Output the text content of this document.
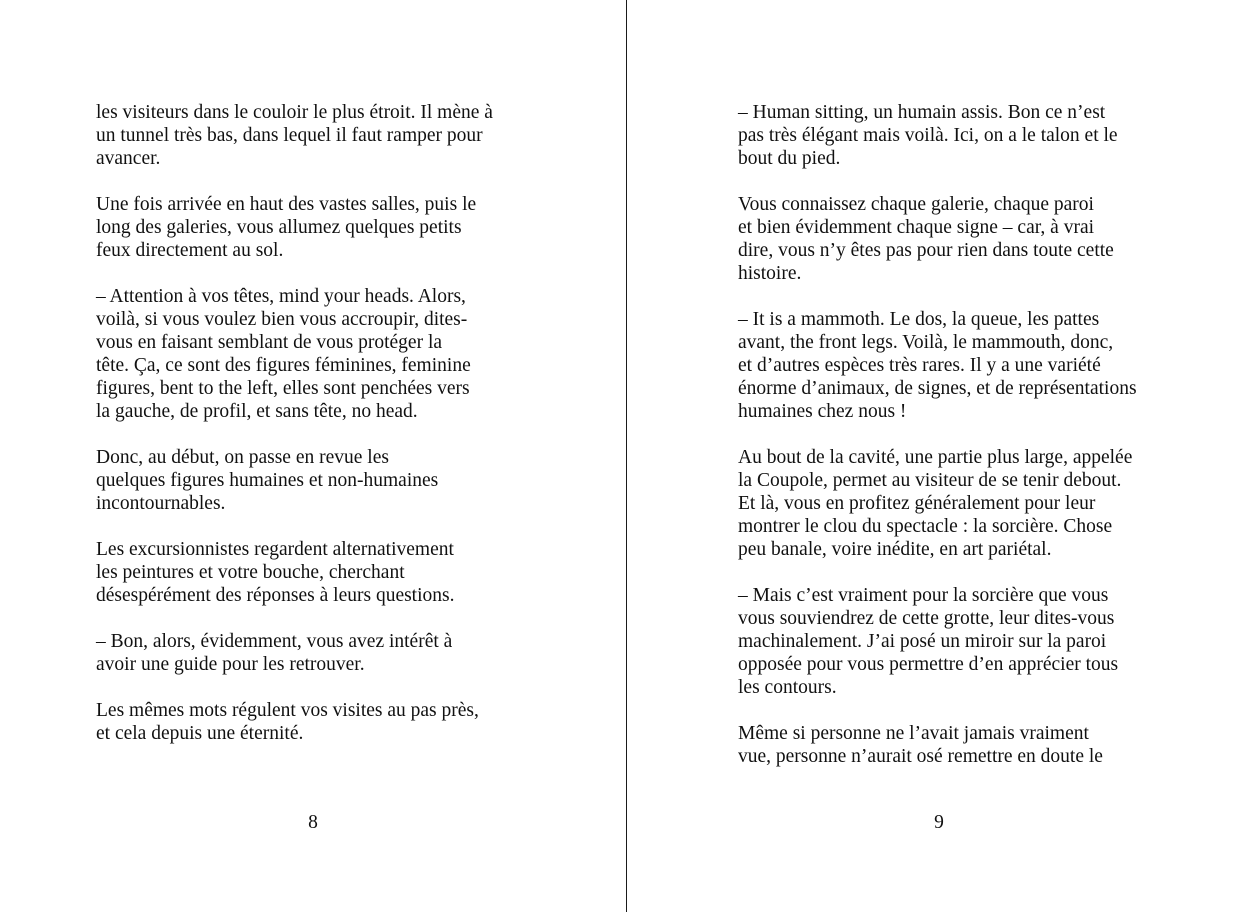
les visiteurs dans le couloir le plus étroit. Il mène à
un tunnel très bas, dans lequel il faut ramper pour
avancer.

Une fois arrivée en haut des vastes salles, puis le
long des galeries, vous allumez quelques petits
feux directement au sol.

– Attention à vos têtes, mind your heads. Alors,
voilà, si vous voulez bien vous accroupir, dites-
vous en faisant semblant de vous protéger la
tête. Ça, ce sont des figures féminines, feminine
figures, bent to the left, elles sont penchées vers
la gauche, de profil, et sans tête, no head.

Donc, au début, on passe en revue les
quelques figures humaines et non-humaines
incontournables.

Les excursionnistes regardent alternativement
les peintures et votre bouche, cherchant
désespérément des réponses à leurs questions.

– Bon, alors, évidemment, vous avez intérêt à
avoir une guide pour les retrouver.

Les mêmes mots régulent vos visites au pas près,
et cela depuis une éternité.

8

– Human sitting, un humain assis. Bon ce n’est
pas très élégant mais voilà. Ici, on a le talon et le
bout du pied.

Vous connaissez chaque galerie, chaque paroi
et bien évidemment chaque signe – car, à vrai
dire, vous n’y êtes pas pour rien dans toute cette
histoire.

– It is a mammoth. Le dos, la queue, les pattes
avant, the front legs. Voilà, le mammouth, donc,
et d’autres espèces très rares. Il y a une variété
énorme d’animaux, de signes, et de représentations
humaines chez nous !

Au bout de la cavité, une partie plus large, appelée
la Coupole, permet au visiteur de se tenir debout.
Et là, vous en profitez généralement pour leur
montrer le clou du spectacle : la sorcière. Chose
peu banale, voire inédite, en art pariétal.

– Mais c’est vraiment pour la sorcière que vous
vous souviendrez de cette grotte, leur dites-vous
machinalement. J’ai posé un miroir sur la paroi
opposée pour vous permettre d’en apprécier tous
les contours.

Même si personne ne l’avait jamais vraiment
vue, personne n’aurait osé remettre en doute le

9
